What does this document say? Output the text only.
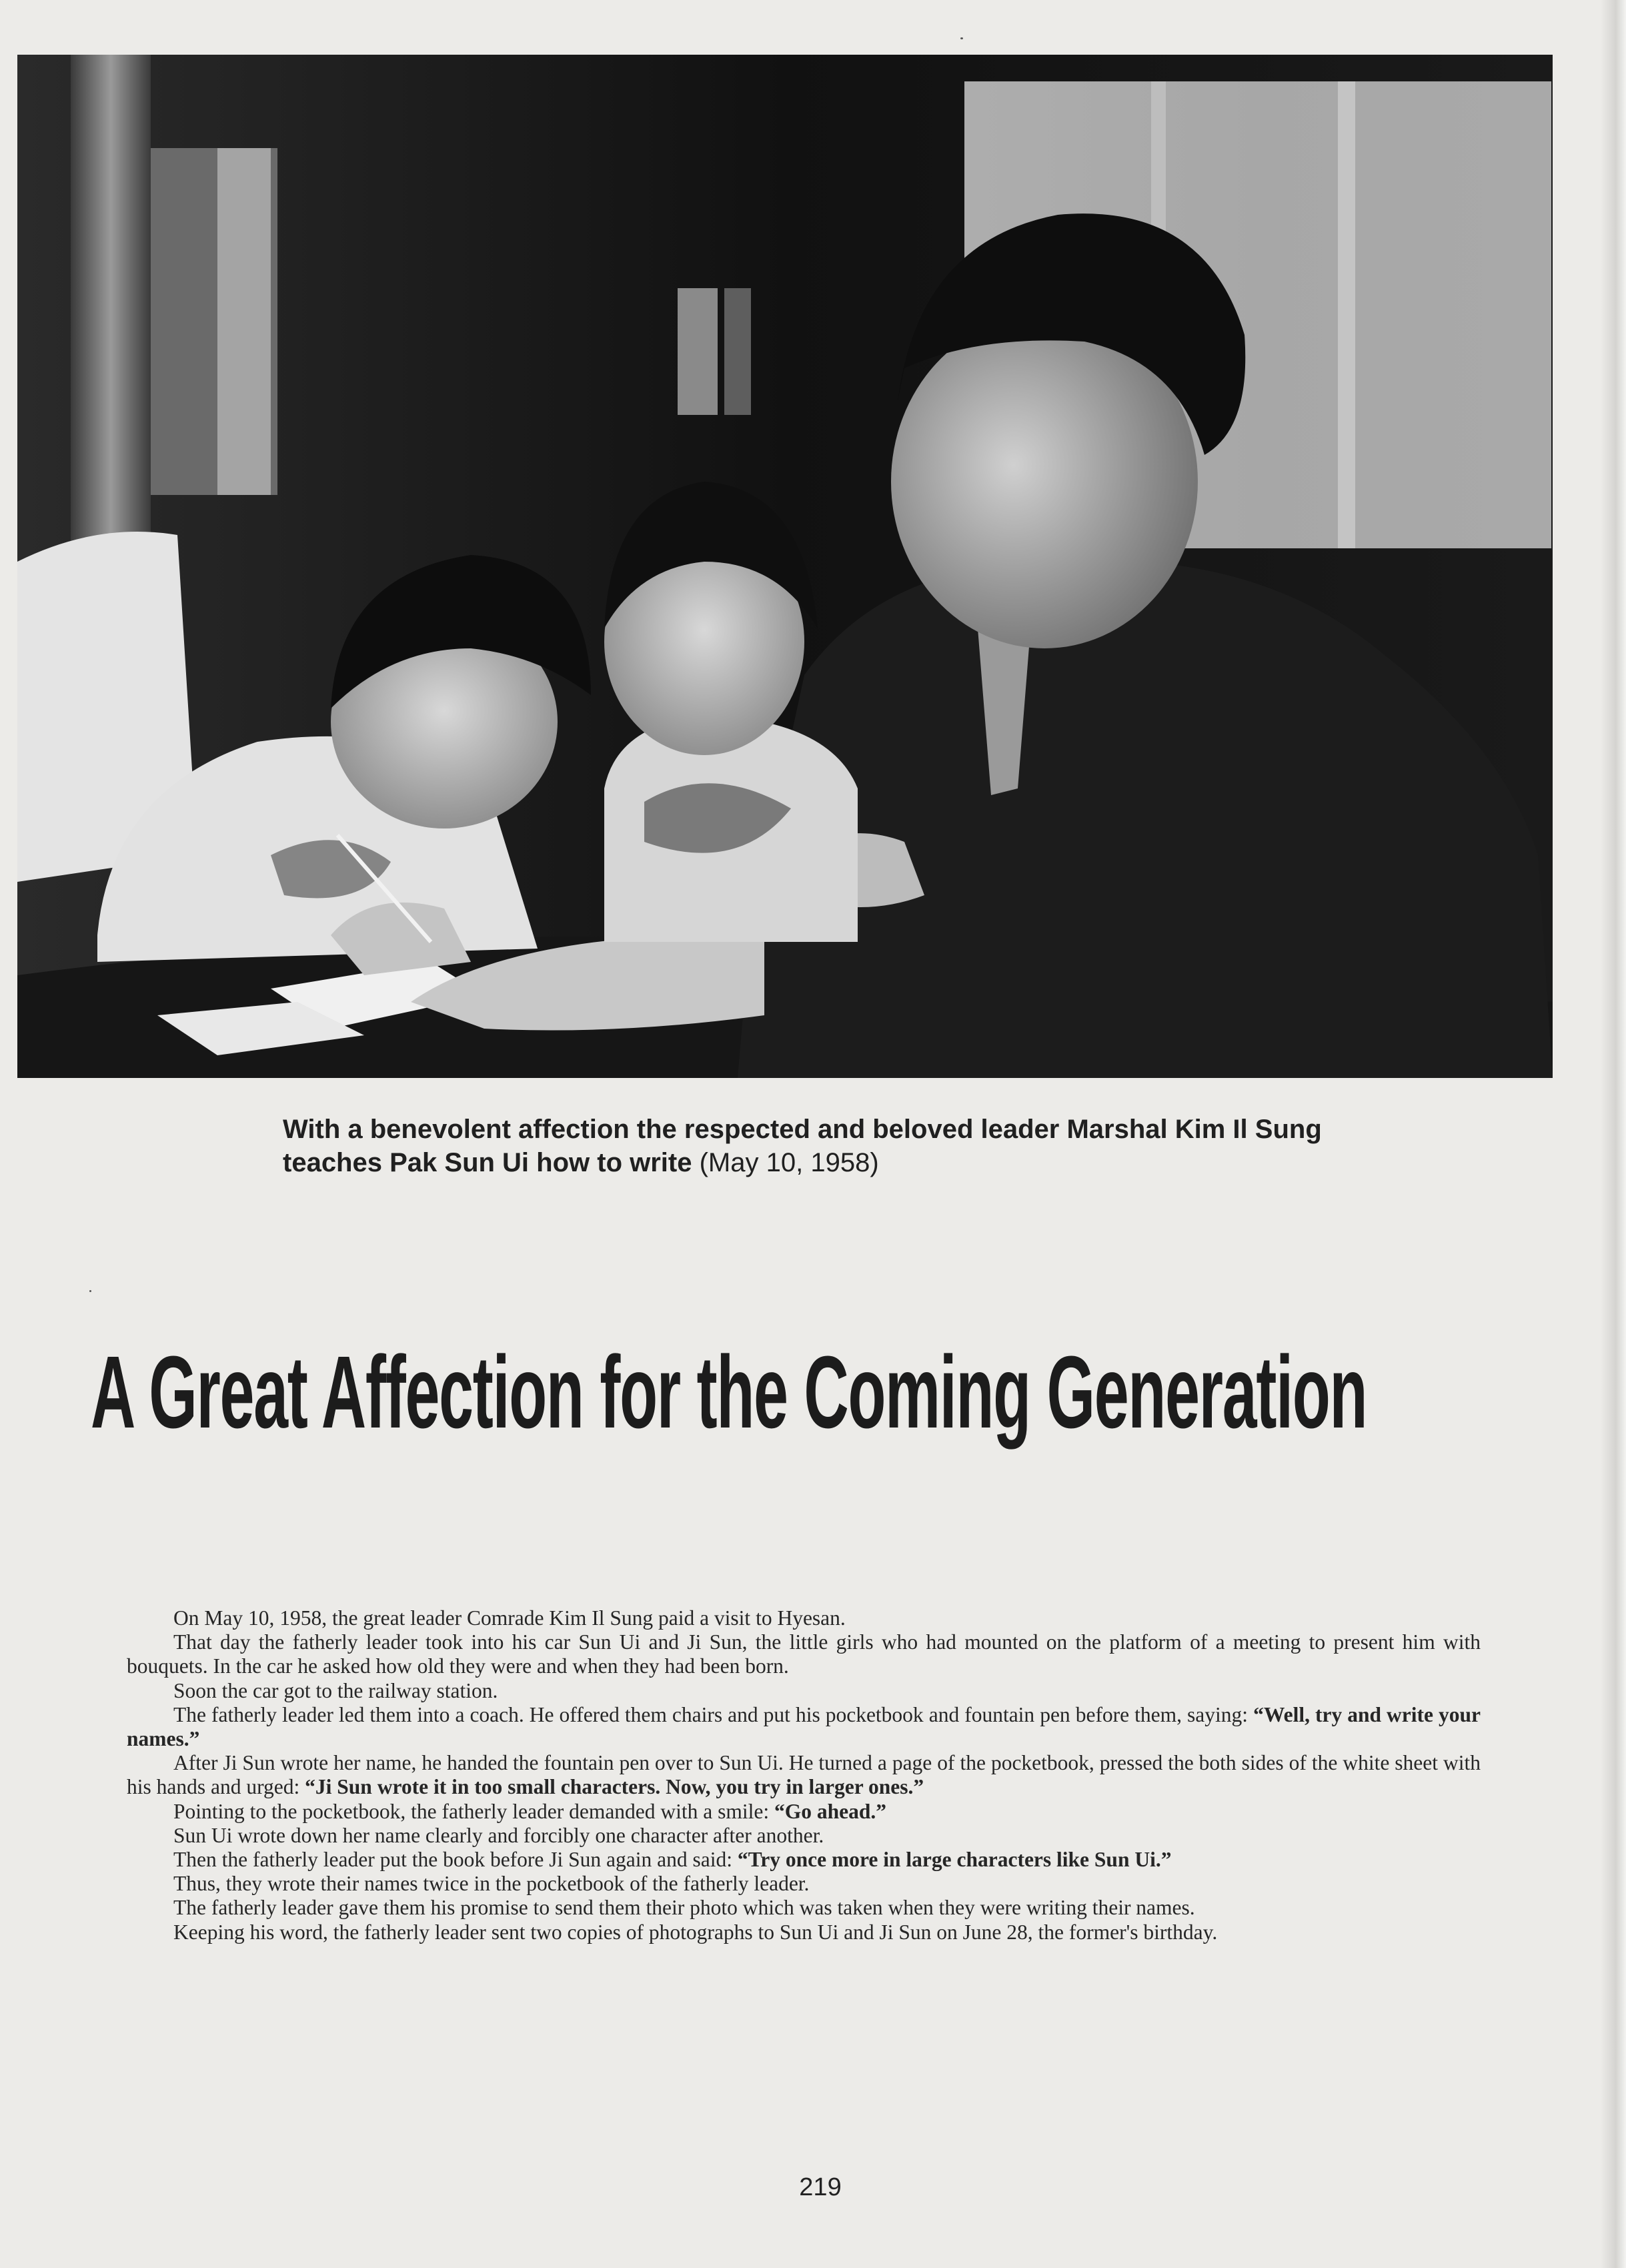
With a benevolent affection the respected and beloved leader Marshal Kim Il Sung teaches Pak Sun Ui how to write (May 10, 1958)
A Great Affection for the Coming Generation

On May 10, 1958, the great leader Comrade Kim Il Sung paid a visit to Hyesan.

That day the fatherly leader took into his car Sun Ui and Ji Sun, the little girls who had mounted on the platform of a meeting to present him with bouquets. In the car he asked how old they were and when they had been born.

Soon the car got to the railway station.

The fatherly leader led them into a coach. He offered them chairs and put his pocketbook and fountain pen before them, saying: “Well, try and write your names.”

After Ji Sun wrote her name, he handed the fountain pen over to Sun Ui. He turned a page of the pocketbook, pressed the both sides of the white sheet with his hands and urged: “Ji Sun wrote it in too small characters. Now, you try in larger ones.”

Pointing to the pocketbook, the fatherly leader demanded with a smile: “Go ahead.”

Sun Ui wrote down her name clearly and forcibly one character after another.

Then the fatherly leader put the book before Ji Sun again and said: “Try once more in large characters like Sun Ui.”

Thus, they wrote their names twice in the pocketbook of the fatherly leader.

The fatherly leader gave them his promise to send them their photo which was taken when they were writing their names.

Keeping his word, the fatherly leader sent two copies of photographs to Sun Ui and Ji Sun on June 28, the former's birthday.

219
